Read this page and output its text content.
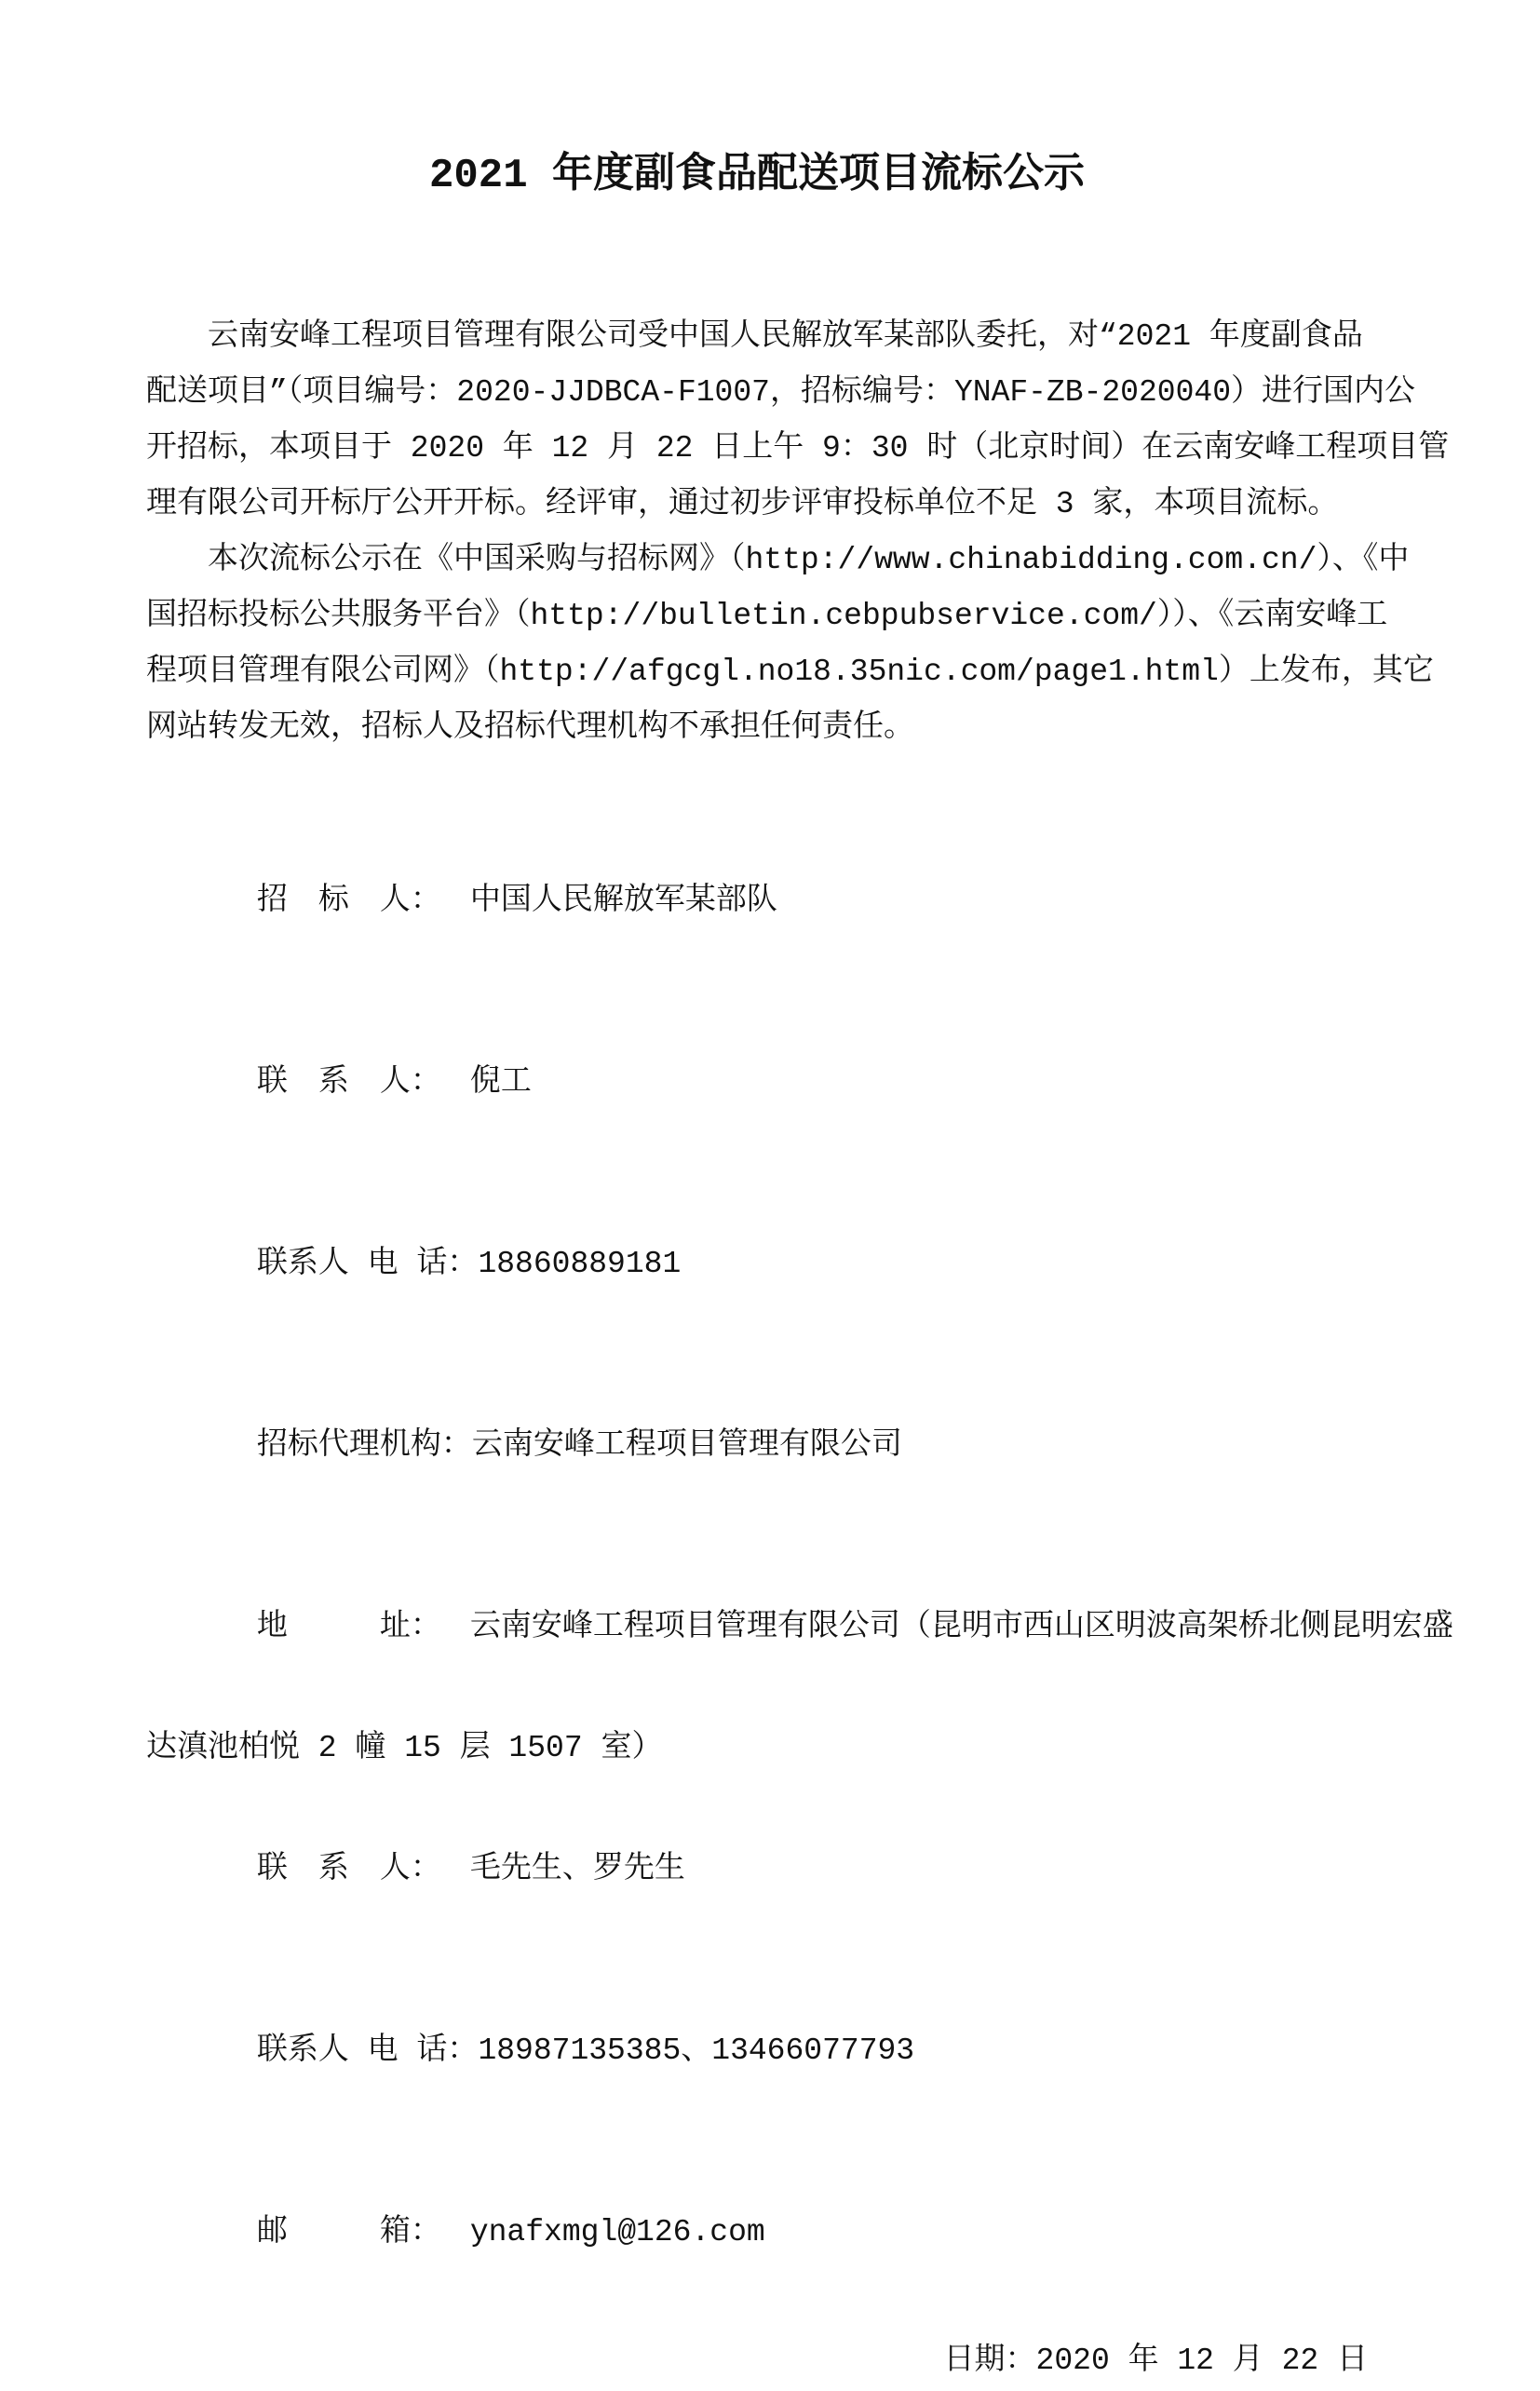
2021 年度副食品配送项目流标公示
云南安峰工程项目管理有限公司受中国人民解放军某部队委托，对“2021 年度副食品
配送项目”（项目编号：2020-JJDBCA-F1007，招标编号：YNAF-ZB-2020040）进行国内公
开招标，本项目于 2020 年 12 月 22 日上午 9：30 时（北京时间）在云南安峰工程项目管
理有限公司开标厅公开开标。经评审，通过初步评审投标单位不足 3 家，本项目流标。
本次流标公示在《中国采购与招标网》（http://www.chinabidding.com.cn/）、《中
国招标投标公共服务平台》（http://bulletin.cebpubservice.com/））、《云南安峰工
程项目管理有限公司网》（http://afgcgl.no18.35nic.com/page1.html）上发布，其它
网站转发无效，招标人及招标代理机构不承担任何责任。

招　标　人： 中国人民解放军某部队

联　系　人： 倪工

联系人 电 话：18860889181

招标代理机构：云南安峰工程项目管理有限公司

地　　　址： 云南安峰工程项目管理有限公司（昆明市西山区明波高架桥北侧昆明宏盛

达滇池柏悦 2 幢 15 层 1507 室）

联　系　人： 毛先生、罗先生

联系人 电 话：18987135385、13466077793

邮　　　箱： ynafxmgl@126.com

日期：2020 年 12 月 22 日
